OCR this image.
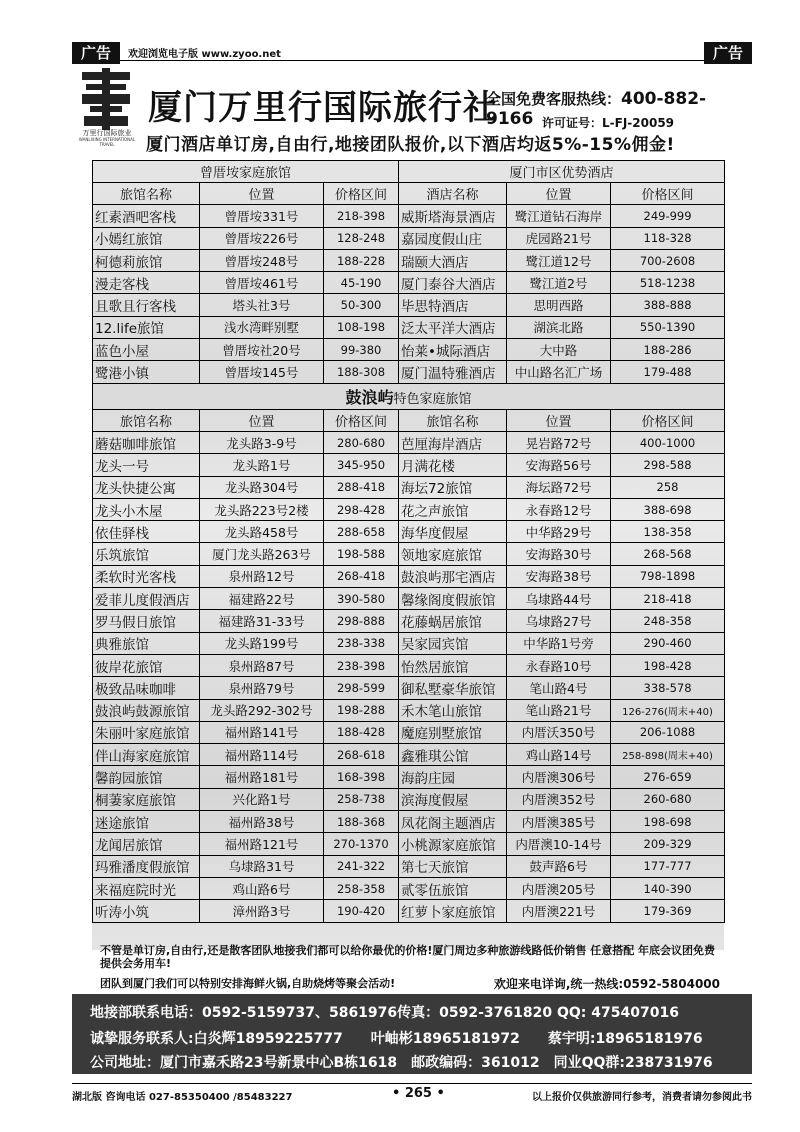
广告	欢迎浏览电子版 www.zyoo.net	广告
万里行国际旅业
WANLIXING INTERNATIONAL TRAVEL
厦门万里行国际旅行社
全国免费客服热线：400-882-9166 许可证号：L-FJ-20059
厦门酒店单订房,自由行,地接团队报价,以下酒店均返5%-15%佣金!
曾厝垵家庭旅馆			厦门市区优势酒店		
旅馆名称	位置	价格区间	酒店名称	位置	价格区间
红素酒吧客栈	曾厝垵331号	218-398	威斯塔海景酒店	鹭江道钻石海岸	249-999
小嫣红旅馆	曾厝垵226号	128-248	嘉园度假山庄	虎园路21号	118-328
柯德莉旅馆	曾厝垵248号	188-228	瑞颐大酒店	鹭江道12号	700-2608
漫走客栈	曾厝垵461号	45-190	厦门泰谷大酒店	鹭江道2号	518-1238
且歌且行客栈	塔头社3号	50-300	毕思特酒店	思明西路	388-888
12.life旅馆	浅水湾畔别墅	108-198	泛太平洋大酒店	湖滨北路	550-1390
蓝色小屋	曾厝垵社20号	99-380	怡莱•城际酒店	大中路	188-286
鹭港小镇	曾厝垵145号	188-308	厦门温特雅酒店	中山路名汇广场	179-488
鼓浪屿特色家庭旅馆					
旅馆名称	位置	价格区间	旅馆名称	位置	价格区间
蘑菇咖啡旅馆	龙头路3-9号	280-680	芭厘海岸酒店	晃岩路72号	400-1000
龙头一号	龙头路1号	345-950	月满花楼	安海路56号	298-588
龙头快捷公寓	龙头路304号	288-418	海坛72旅馆	海坛路72号	258
龙头小木屋	龙头路223号2楼	298-428	花之声旅馆	永春路12号	388-698
依佳驿栈	龙头路458号	288-658	海华度假屋	中华路29号	138-358
乐筑旅馆	厦门龙头路263号	198-588	领地家庭旅馆	安海路30号	268-568
柔软时光客栈	泉州路12号	268-418	鼓浪屿那宅酒店	安海路38号	798-1898
爱菲儿度假酒店	福建路22号	390-580	馨缘阁度假旅馆	乌埭路44号	218-418
罗马假日旅馆	福建路31-33号	298-888	花藤蜗居旅馆	乌埭路27号	248-358
典雅旅馆	龙头路199号	238-338	吴家园宾馆	中华路1号旁	290-460
彼岸花旅馆	泉州路87号	238-398	怡然居旅馆	永春路10号	198-428
极致品味咖啡	泉州路79号	298-599	御私墅豪华旅馆	笔山路4号	338-578
鼓浪屿鼓源旅馆	龙头路292-302号	198-288	禾木笔山旅馆	笔山路21号	126-276(周末+40)
朱丽叶家庭旅馆	福州路141号	188-428	魔庭别墅旅馆	内厝沃350号	206-1088
伴山海家庭旅馆	福州路114号	268-618	鑫雅琪公馆	鸡山路14号	258-898(周末+40)
馨韵园旅馆	福州路181号	168-398	海韵庄园	内厝澳306号	276-659
桐萋家庭旅馆	兴化路1号	258-738	滨海度假屋	内厝澳352号	260-680
迷途旅馆	福州路38号	188-368	凤花阁主题酒店	内厝澳385号	198-698
龙闻居旅馆	福州路121号	270-1370	小桃源家庭旅馆	内厝澳10-14号	209-329
玛雅潘度假旅馆	乌埭路31号	241-322	第七天旅馆	鼓声路6号	177-777
来福庭院时光	鸡山路6号	258-358	贰零伍旅馆	内厝澳205号	140-390
听涛小筑	漳州路3号	190-420	红萝卜家庭旅馆	内厝澳221号	179-369
不管是单订房,自由行,还是散客团队地接我们都可以给你最优的价格!厦门周边多种旅游线路低价销售 任意搭配 年底会议团免费提供会务用车!
团队到厦门我们可以特别安排海鲜火锅,自助烧烤等聚会活动!	欢迎来电详询,统一热线:0592-5804000
地接部联系电话：0592-5159737、5861976传真：0592-3761820 QQ: 475407016
诚挚服务联系人:白炎辉18959225777　　叶岫彬18965181972　　蔡宇明:18965181976
公司地址：厦门市嘉禾路23号新景中心B栋1618　邮政编码：361012　同业QQ群:238731976
湖北版 咨询电话 027-85350400 /85483227	• 265 •	以上报价仅供旅游同行参考，消费者请勿参阅此书
